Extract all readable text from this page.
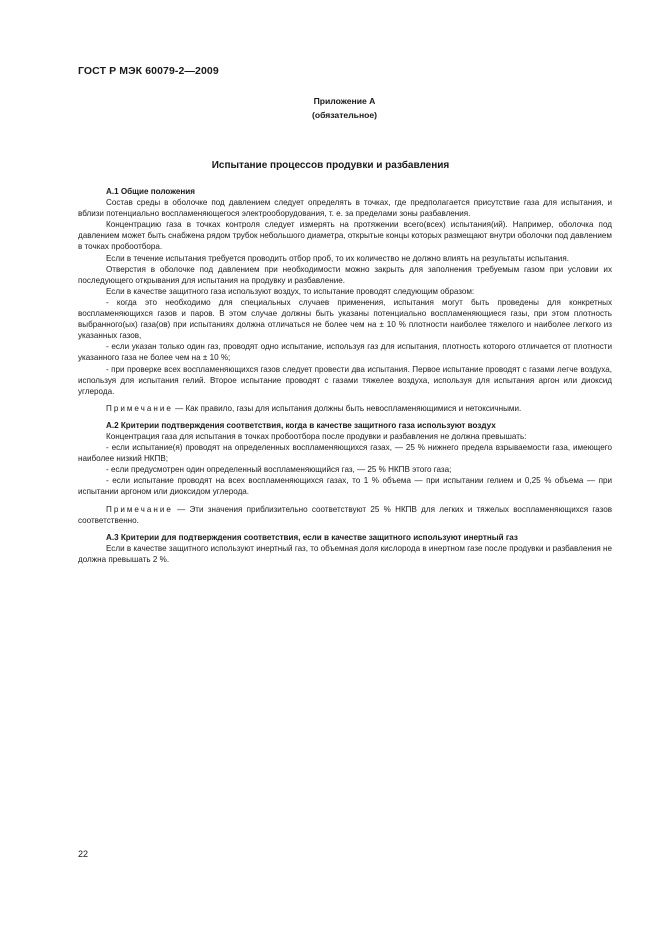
ГОСТ Р МЭК 60079-2—2009
Приложение А
(обязательное)
Испытание процессов продувки и разбавления

А.1 Общие положения

Состав среды в оболочке под давлением следует определять в точках, где предполагается присутствие газа для испытания, и вблизи потенциально воспламеняющегося электрооборудования, т. е. за пределами зоны разбавления.

Концентрацию газа в точках контроля следует измерять на протяжении всего(всех) испытания(ий). Например, оболочка под давлением может быть снабжена рядом трубок небольшого диаметра, открытые концы которых размещают внутри оболочки под давлением в точках пробоотбора.

Если в течение испытания требуется проводить отбор проб, то их количество не должно влиять на результаты испытания.

Отверстия в оболочке под давлением при необходимости можно закрыть для заполнения требуемым газом при условии их последующего открывания для испытания на продувку и разбавление.

Если в качестве защитного газа используют воздух, то испытание проводят следующим образом:

- когда это необходимо для специальных случаев применения, испытания могут быть проведены для конкретных воспламеняющихся газов и паров. В этом случае должны быть указаны потенциально воспламеняющиеся газы, при этом плотность выбранного(ых) газа(ов) при испытаниях должна отличаться не более чем на ± 10 % плотности наиболее тяжелого и наиболее легкого из указанных газов,

- если указан только один газ, проводят одно испытание, используя газ для испытания, плотность которого отличается от плотности указанного газа не более чем на ± 10 %;

- при проверке всех воспламеняющихся газов следует провести два испытания. Первое испытание проводят с газами легче воздуха, используя для испытания гелий. Второе испытание проводят с газами тяжелее воздуха, используя для испытания аргон или диоксид углерода.

Примечание — Как правило, газы для испытания должны быть невоспламеняющимися и нетоксичными.

А.2 Критерии подтверждения соответствия, когда в качестве защитного газа используют воздух

Концентрация газа для испытания в точках пробоотбора после продувки и разбавления не должна превышать:

- если испытание(я) проводят на определенных воспламеняющихся газах, — 25 % нижнего предела взрываемости газа, имеющего наиболее низкий НКПВ;

- если предусмотрен один определенный воспламеняющийся газ, — 25 % НКПВ этого газа;

- если испытание проводят на всех воспламеняющихся газах, то 1 % объема — при испытании гелием и 0,25 % объема — при испытании аргоном или диоксидом углерода.

Примечание — Эти значения приблизительно соответствуют 25 % НКПВ для легких и тяжелых воспламеняющихся газов соответственно.

А.3 Критерии для подтверждения соответствия, если в качестве защитного используют инертный газ

Если в качестве защитного используют инертный газ, то объемная доля кислорода в инертном газе после продувки и разбавления не должна превышать 2 %.

22
